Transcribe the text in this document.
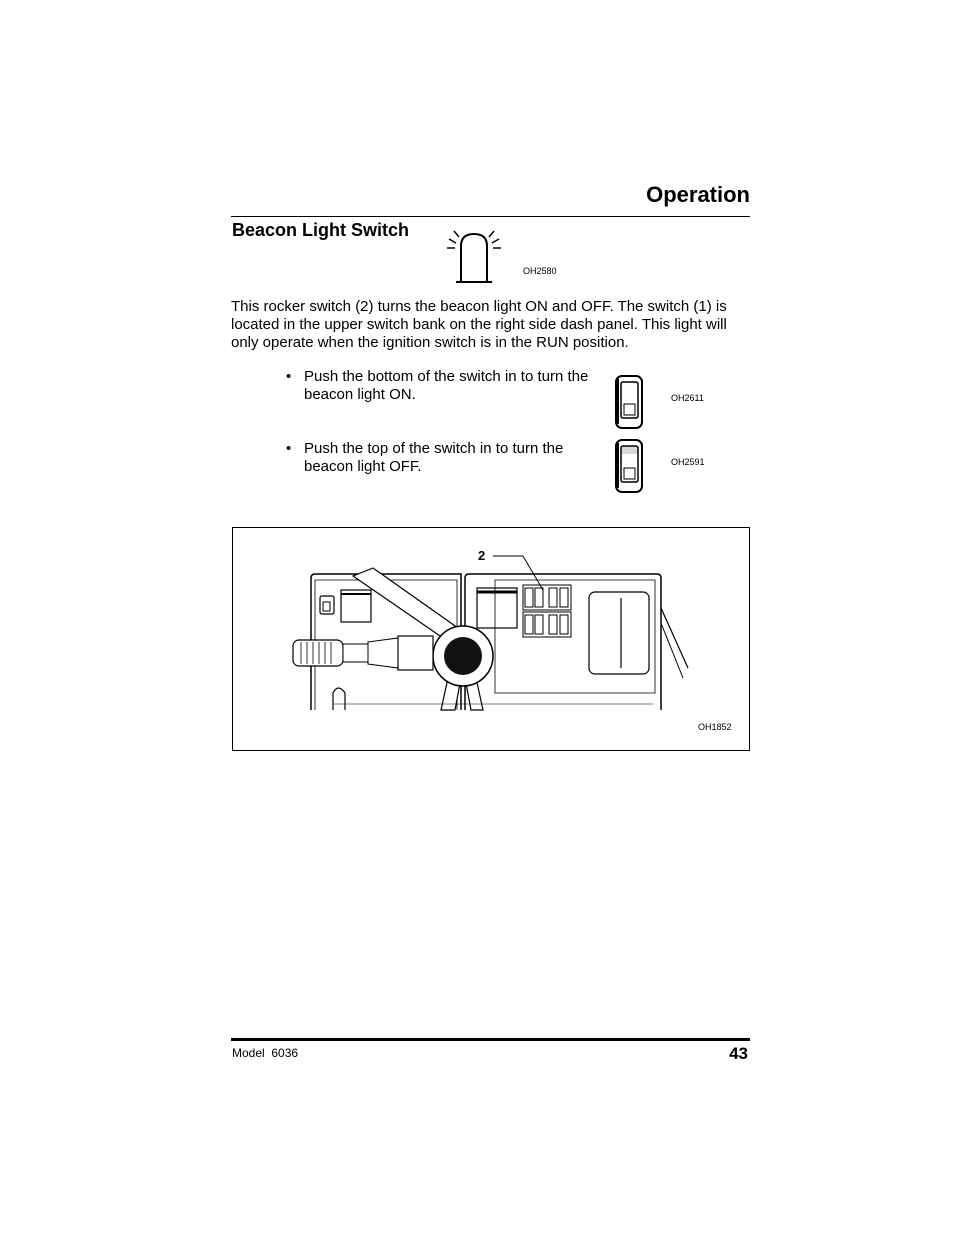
Operation
Beacon Light Switch
OH2580
This rocker switch (2) turns the beacon light ON and OFF. The switch (1) is located in the upper switch bank on the right side dash panel. This light will only operate when the ignition switch is in the RUN position.
• Push the bottom of the switch in to turn the beacon light ON.	OH2611
• Push the top of the switch in to turn the beacon light OFF.	OH2591
2
OH1852
Model  6036	43
